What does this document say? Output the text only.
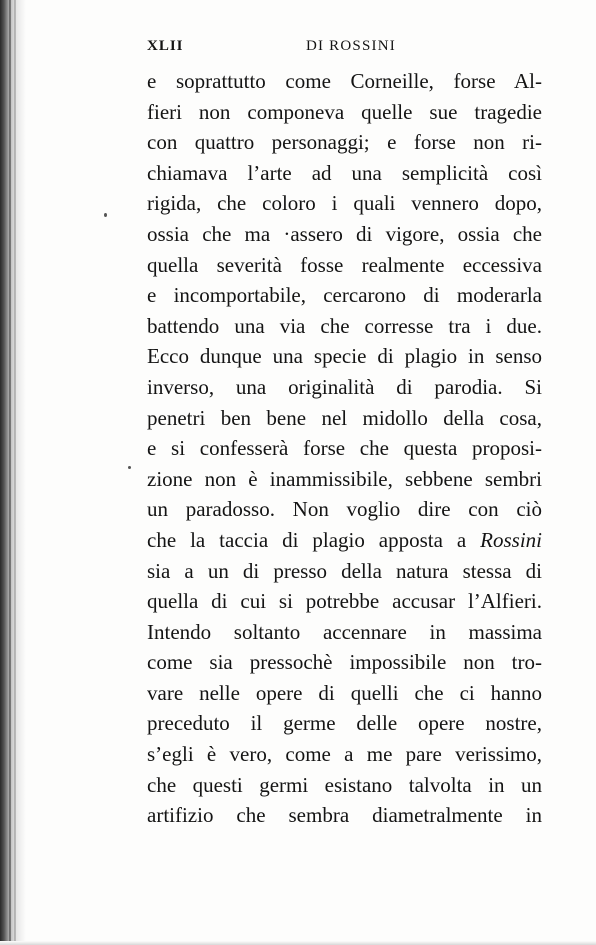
XLII	DI ROSSINI
e soprattutto come Corneille, forse Al-
fieri non componeva quelle sue tragedie
con quattro personaggi; e forse non ri-
chiamava l’arte ad una semplicità così
rigida, che coloro i quali vennero dopo,
ossia che ma ·assero di vigore, ossia che
quella severità fosse realmente eccessiva
e incomportabile, cercarono di moderarla
battendo una via che corresse tra i due.
Ecco dunque una specie di plagio in senso
inverso, una originalità di parodia. Si
penetri ben bene nel midollo della cosa,
e si confesserà forse che questa proposi-
zione non è inammissibile, sebbene sembri
un paradosso. Non voglio dire con ciò
che la taccia di plagio apposta a Rossini
sia a un di presso della natura stessa di
quella di cui si potrebbe accusar l’Alfieri.
Intendo soltanto accennare in massima
come sia pressochè impossibile non tro-
vare nelle opere di quelli che ci hanno
preceduto il germe delle opere nostre,
s’egli è vero, come a me pare verissimo,
che questi germi esistano talvolta in un
artifizio che sembra diametralmente in
